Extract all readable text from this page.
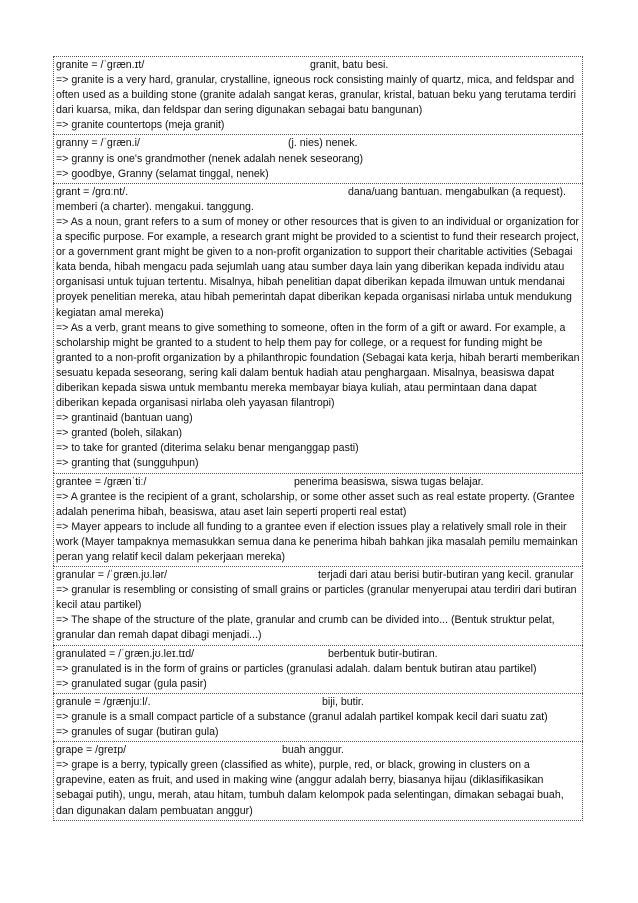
granite = /ˈɡræn.ɪt/	granit, batu besi.
=> granite is a very hard, granular, crystalline, igneous rock consisting mainly of quartz, mica, and feldspar and often used as a building stone (granite adalah sangat keras, granular, kristal, batuan beku yang terutama terdiri dari kuarsa, mika, dan feldspar dan sering digunakan sebagai batu bangunan)
=> granite countertops (meja granit)
granny = /ˈɡræn.i/	(j. nies) nenek.
=> granny is one's grandmother (nenek adalah nenek seseorang)
=> goodbye, Granny (selamat tinggal, nenek)
grant = /ɡrɑːnt/.	dana/uang bantuan. mengabulkan (a request).
memberi (a charter). mengakui. tanggung.
=> As a noun, grant refers to a sum of money or other resources that is given to an individual or organization for a specific purpose. For example, a research grant might be provided to a scientist to fund their research project, or a government grant might be given to a non-profit organization to support their charitable activities (Sebagai kata benda, hibah mengacu pada sejumlah uang atau sumber daya lain yang diberikan kepada individu atau organisasi untuk tujuan tertentu. Misalnya, hibah penelitian dapat diberikan kepada ilmuwan untuk mendanai proyek penelitian mereka, atau hibah pemerintah dapat diberikan kepada organisasi nirlaba untuk mendukung kegiatan amal mereka)
=> As a verb, grant means to give something to someone, often in the form of a gift or award. For example, a scholarship might be granted to a student to help them pay for college, or a request for funding might be granted to a non-profit organization by a philanthropic foundation (Sebagai kata kerja, hibah berarti memberikan sesuatu kepada seseorang, sering kali dalam bentuk hadiah atau penghargaan. Misalnya, beasiswa dapat diberikan kepada siswa untuk membantu mereka membayar biaya kuliah, atau permintaan dana dapat diberikan kepada organisasi nirlaba oleh yayasan filantropi)
=> grantinaid (bantuan uang)
=> granted (boleh, silakan)
=> to take for granted (diterima selaku benar menganggap pasti)
=> granting that (sungguhpun)
grantee = /ɡrænˈtiː/	penerima beasiswa, siswa tugas belajar.
=> A grantee is the recipient of a grant, scholarship, or some other asset such as real estate property. (Grantee adalah penerima hibah, beasiswa, atau aset lain seperti properti real estat)
=> Mayer appears to include all funding to a grantee even if election issues play a relatively small role in their work (Mayer tampaknya memasukkan semua dana ke penerima hibah bahkan jika masalah pemilu memainkan peran yang relatif kecil dalam pekerjaan mereka)
granular = /ˈɡræn.jʊ.lər/	terjadi dari atau berisi butir-butiran yang kecil. granular
=> granular is resembling or consisting of small grains or particles (granular menyerupai atau terdiri dari butiran kecil atau partikel)
=> The shape of the structure of the plate, granular and crumb can be divided into... (Bentuk struktur pelat, granular dan remah dapat dibagi menjadi...)
granulated = /ˈɡræn.jʊ.leɪ.tɪd/	berbentuk butir-butiran.
=> granulated is in the form of grains or particles (granulasi adalah. dalam bentuk butiran atau partikel)
=> granulated sugar (gula pasir)
granule = /ɡrænjuːl/.	biji, butir.
=> granule is a small compact particle of a substance (granul adalah partikel kompak kecil dari suatu zat)
=> granules of sugar (butiran gula)
grape = /ɡreɪp/	buah anggur.
=> grape is a berry, typically green (classified as white), purple, red, or black, growing in clusters on a grapevine, eaten as fruit, and used in making wine (anggur adalah berry, biasanya hijau (diklasifikasikan sebagai putih), ungu, merah, atau hitam, tumbuh dalam kelompok pada selentingan, dimakan sebagai buah, dan digunakan dalam pembuatan anggur)
